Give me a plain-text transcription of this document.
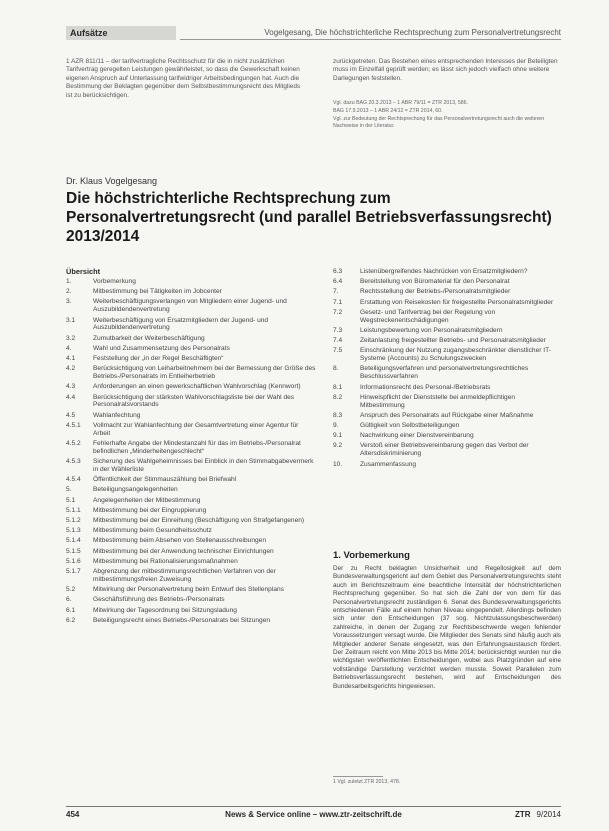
Aufsätze	Vogelgesang, Die höchstrichterliche Rechtsprechung zum Personalvertretungsrecht
1 AZR 811/11 – der tarifvertragliche Rechtsschutz für die in nicht zusätzlichen Tarifvertrag geregelten Leistungen gewährleistet, so dass die Gewerkschaft keinen eigenen Anspruch auf Unterlassung tarifwidriger Arbeitsbedingungen hat. Auch die Bestimmung der Beklagten gegenüber dem Selbstbestimmungsrecht des Mitglieds ist zu berücksichtigen.
zurückgetreten. Das Bestehen eines entsprechenden Interesses der Beteiligten muss im Einzelfall geprüft werden; es lässt sich jedoch vielfach ohne weitere Darlegungen feststellen.

Vgl. dazu BAG 20.3.2013 – 1 ABR 79/11 = ZTR 2013, 586.

BAG 17.9.2013 – 1 ABR 24/12 = ZTR 2014, 60.

Vgl. zur Bedeutung der Rechtsprechung für das Personalvertretungsrecht auch die weiteren Nachweise in der Literatur.

Dr. Klaus Vogelgesang
Die höchstrichterliche Rechtsprechung zum Personalvertretungsrecht (und parallel Betriebsverfassungsrecht) 2013/2014
Übersicht
1.	Vorbemerkung
2.	Mitbestimmung bei Tätigkeiten im Jobcenter
3.	Weiterbeschäftigungsverlangen von Mitgliedern einer Jugend- und Auszubildendenvertretung
3.1	Weiterbeschäftigung von Ersatzmitgliedern der Jugend- und Auszubildendenvertretung
3.2	Zumutbarkeit der Weiterbeschäftigung
4.	Wahl und Zusammensetzung des Personalrats
4.1	Feststellung der „in der Regel Beschäftigten“
4.2	Berücksichtigung von Leiharbeitnehmern bei der Bemessung der Größe des Betriebs-/Personalrats im Entleiherbetrieb
4.3	Anforderungen an einen gewerkschaftlichen Wahlvorschlag (Kennwort)
4.4	Berücksichtigung der stärksten Wahlvorschlagsliste bei der Wahl des Personalratsvorstands
4.5	Wahlanfechtung
4.5.1	Vollmacht zur Wahlanfechtung der Gesamtvertretung einer Agentur für Arbeit
4.5.2	Fehlerhafte Angabe der Mindestanzahl für das im Betriebs-/Personalrat befindlichen „Minderheitengeschlecht“
4.5.3	Sicherung des Wahlgeheimnisses bei Einblick in den Stimmabgabevermerk in der Wählerliste
4.5.4	Öffentlichkeit der Stimmauszählung bei Briefwahl
5.	Beteiligungsangelegenheiten
5.1	Angelegenheiten der Mitbestimmung
5.1.1	Mitbestimmung bei der Eingruppierung
5.1.2	Mitbestimmung bei der Einreihung (Beschäftigung von Strafgefangenen)
5.1.3	Mitbestimmung beim Gesundheitsschutz
5.1.4	Mitbestimmung beim Absehen von Stellenausschreibungen
5.1.5	Mitbestimmung bei der Anwendung technischer Einrichtungen
5.1.6	Mitbestimmung bei Rationalisierungsmaßnahmen
5.1.7	Abgrenzung der mitbestimmungsrechtlichen Verfahren von der mitbestimmungsfreien Zuweisung
5.2	Mitwirkung der Personalvertretung beim Entwurf des Stellenplans
6.	Geschäftsführung des Betriebs-/Personalrats
6.1	Mitwirkung der Tagesordnung bei Sitzungsladung
6.2	Beteiligungsrecht eines Betriebs-/Personalrats bei Sitzungen
6.3	Listenübergreifendes Nachrücken von Ersatzmitgliedern?
6.4	Bereitstellung von Büromaterial für den Personalrat
7.	Rechtsstellung der Betriebs-/Personalratsmitglieder
7.1	Erstattung von Reisekosten für freigestellte Personalratsmitglieder
7.2	Gesetz- und Tarifvertrag bei der Regelung von Wegstreckenentschädigungen
7.3	Leistungsbewertung von Personalratsmitgliedern
7.4	Zeitanlastung freigestellter Betriebs- und Personalratsmitglieder
7.5	Einschränkung der Nutzung zugangsbeschränkter dienstlicher IT-Systeme (Accounts) zu Schulungszwecken
8.	Beteiligungsverfahren und personalvertretungsrechtliches Beschlussverfahren
8.1	Informationsrecht des Personal-/Betriebsrats
8.2	Hinweispflicht der Dienststelle bei anmeldepflichtigen Mitbestimmung
8.3	Anspruch des Personalrats auf Rückgabe einer Maßnahme
9.	Gültigkeit von Selbstbeteiligungen
9.1	Nachwirkung einer Dienstvereinbarung
9.2	Verstoß einer Betriebsvereinbarung gegen das Verbot der Altersdiskriminierung
10.	Zusammenfassung
1. Vorbemerkung
Der zu Recht beklagten Unsicherheit und Regellosigkeit auf dem Bundesverwaltungsgericht auf dem Gebiet des Personalvertretungsrechts steht auch im Berichtszeitraum eine beachtliche Intensität der höchstrichterlichen Rechtsprechung gegenüber. So hat sich die Zahl der von dem für das Personalvertretungsrecht zuständigen 6. Senat des Bundesverwaltungsgerichts entschiedenen Fälle auf einem hohen Niveau eingependelt. Allerdings befinden sich unter den Entscheidungen (37 sog. Nichtzulassungsbeschwerden) zahlreiche, in denen der Zugang zur Rechtsbeschwerde wegen fehlender Voraussetzungen versagt wurde. Die Mitglieder des Senats sind häufig auch als Mitglieder anderer Senate eingesetzt, was den Erfahrungsaustausch fördert. Der Zeitraum reicht von Mitte 2013 bis Mitte 2014; berücksichtigt wurden nur die wichtigsten veröffentlichten Entscheidungen, wobei aus Platzgründen auf eine vollständige Darstellung verzichtet werden musste. Soweit Parallelen zum Betriebsverfassungsrecht bestehen, wird auf Entscheidungen des Bundesarbeitsgerichts hingewiesen.
1 Vgl. zuletzt ZTR 2013, 478.
454	News & Service online – www.ztr-zeitschrift.de	ZTR 9/2014
